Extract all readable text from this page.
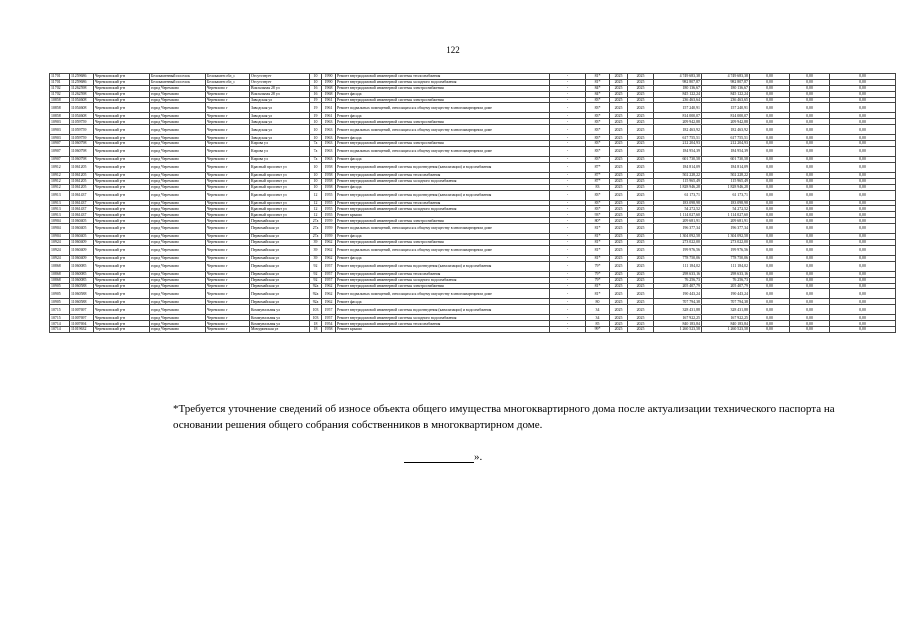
122
11701	11259686	Черемховский р-н	Белокаменный поселок	Белокамен обл_с	Отсутствует	10	1990	Ремонт внутридомовой инженерной системы теплоснабжения	-	81*	2025	2025	4 749 683,38	4 749 683,38	0,00	0,00	0,00
11701	11259686	Черемховский р-н	Белокаменный поселок	Белокамен обл_с	Отсутствует	10	1990	Ремонт внутридомовой инженерной системы холодного водоснабжения	-	81*	2025	2025	982 807,87	982 807,87	0,00	0,00	0,00
11702	11262598	Черемховский р-н	город Черемхово	Черемхово г	Вокзальная 28 ул	16	1968	Ремонт внутридомовой инженерной системы электроснабжения	-	84*	2025	2025	180 136,67	180 136,67	0,00	0,00	0,00
11702	11262598	Черемховский р-н	город Черемхово	Черемхово г	Вокзальная 28 ул	16	1968	Ремонт фасада	-	84*	2025	2025	845 122,24	845 122,24	0,00	0,00	0,00
10858	11054608	Черемховский р-н	город Черемхово	Черемхово г	Заводская ул	19	1961	Ремонт внутридомовой инженерной системы электроснабжения	-	83*	2025	2025	236 463,64	236 463,65	0,00	0,00	0,00
10858	11054608	Черемховский р-н	город Черемхово	Черемхово г	Заводская ул	19	1961	Ремонт подвальных помещений, относящихся к общему имуществу в многоквартирном доме	-	83*	2025	2025	157 240,91	157 240,91	0,00	0,00	0,00
10858	11054608	Черемховский р-н	город Черемхово	Черемхово г	Заводская ул	19	1961	Ремонт фасада	-	83*	2025	2025	814 000,07	814 000,07	0,00	0,00	0,00
10903	11059759	Черемховский р-н	город Черемхово	Черемхово г	Заводская ул	10	1963	Ремонт внутридомовой инженерной системы электроснабжения	-	83*	2025	2025	209 942,88	209 942,88	0,00	0,00	0,00
10903	11059759	Черемховский р-н	город Черемхово	Черемхово г	Заводская ул	10	1963	Ремонт подвальных помещений, относящихся к общему имуществу в многоквартирном доме	-	83*	2025	2025	182 463,92	182 463,92	0,00	0,00	0,00
10903	11059759	Черемховский р-н	город Черемхово	Черемхово г	Заводская ул	10	1963	Ремонт фасада	-	83*	2025	2025	617 755,51	617 755,51	0,00	0,00	0,00
10907	11060798	Черемховский р-н	город Черемхово	Черемхово г	Кирова ул	7а	1963	Ремонт внутридомовой инженерной системы электроснабжения	-	83*	2025	2025	212 204,93	212 204,93	0,00	0,00	0,00
10907	11060798	Черемховский р-н	город Черемхово	Черемхово г	Кирова ул	7а	1963	Ремонт подвальных помещений, относящихся к общему имуществу в многоквартирном доме	-	83*	2025	2025	184 954,39	184 954,39	0,00	0,00	0,00
10907	11060798	Черемховский р-н	город Черемхово	Черемхово г	Кирова ул	7а	1963	Ремонт фасада	-	83*	2025	2025	601 730,58	601 730,58	0,00	0,00	0,00
10912	11061205	Черемховский р-н	город Черемхово	Черемхово г	Красный проспект ул	10	1958	Ремонт внутридомовой инженерной системы водоотведения (канализации) и водоснабжения	-	87*	2025	2025	184 814,09	184 814,09	0,00	0,00	0,00
10912	11061205	Черемховский р-н	город Черемхово	Черемхово г	Красный проспект ул	10	1958	Ремонт внутридомовой инженерной системы теплоснабжения	-	87*	2025	2025	502 228,22	502 228,22	0,00	0,00	0,00
10912	11061205	Черемховский р-н	город Черемхово	Черемхово г	Красный проспект ул	10	1958	Ремонт внутридомовой инженерной системы холодного водоснабжения	-	87*	2025	2025	115 965,49	115 965,49	0,00	0,00	0,00
10912	11061205	Черемховский р-н	город Черемхово	Черемхово г	Красный проспект ул	10	1958	Ремонт фасада	-	83	2025	2025	1 828 946,28	1 828 946,28	0,00	0,00	0,00
10913	11061437	Черемховский р-н	город Черемхово	Черемхово г	Красный проспект ул	12	1955	Ремонт внутридомовой инженерной системы водоотведения (канализации) и водоснабжения	-	83*	2025	2025	61 173,71	61 173,71	0,00	0,00	0,00
10913	11061437	Черемховский р-н	город Черемхово	Черемхово г	Красный проспект ул	12	1955	Ремонт внутридомовой инженерной системы теплоснабжения	-	83*	2025	2025	183 098,98	183 098,98	0,00	0,00	0,00
10913	11061437	Черемховский р-н	город Черемхово	Черемхово г	Красный проспект ул	12	1955	Ремонт внутридомовой инженерной системы холодного водоснабжения	-	83*	2025	2025	54 272,52	54 272,52	0,00	0,00	0,00
10913	11061437	Черемховский р-н	город Черемхово	Черемхово г	Красный проспект ул	12	1955	Ремонт крыши	-	93*	2025	2025	1 114 027,60	1 114 027,60	0,00	0,00	0,00
10904	11060405	Черемховский р-н	город Черемхово	Черемхово г	Первомайская ул	27а	1959	Ремонт внутридомовой инженерной системы электроснабжения	-	80*	2025	2025	209 681,91	209 681,91	0,00	0,00	0,00
10904	11060405	Черемховский р-н	город Черемхово	Черемхово г	Первомайская ул	27а	1959	Ремонт подвальных помещений, относящихся к общему имуществу в многоквартирном доме	-	81*	2025	2025	196 377,34	196 377,34	0,00	0,00	0,00
10904	11060405	Черемховский р-н	город Черемхово	Черемхово г	Первомайская ул	27а	1959	Ремонт фасада	-	81*	2025	2025	1 304 092,58	1 304 092,58	0,00	0,00	0,00
10924	11060409	Черемховский р-н	город Черемхово	Черемхово г	Первомайская ул	39	1962	Ремонт внутридомовой инженерной системы электроснабжения	-	81*	2025	2025	273 022,00	273 022,00	0,00	0,00	0,00
10924	11060409	Черемховский р-н	город Черемхово	Черемхово г	Первомайская ул	39	1962	Ремонт подвальных помещений, относящихся к общему имуществу в многоквартирном доме	-	81*	2025	2025	199 976,56	199 976,56	0,00	0,00	0,00
10924	11060409	Черемховский р-н	город Черемхово	Черемхово г	Первомайская ул	39	1962	Ремонт фасада	-	81*	2025	2025	778 750,06	778 750,06	0,00	0,00	0,00
10868	11060085	Черемховский р-н	город Черемхово	Черемхово г	Первомайская ул	92	1957	Ремонт внутридомовой инженерной системы водоотведения (канализации) и водоснабжения	-	79*	2025	2025	111 184,02	111 184,02	0,00	0,00	0,00
10868	11060085	Черемховский р-н	город Черемхово	Черемхово г	Первомайская ул	92	1957	Ремонт внутридомовой инженерной системы теплоснабжения	-	79*	2025	2025	298 633,16	298 633,16	0,00	0,00	0,00
10868	11060085	Черемховский р-н	город Черемхово	Черемхово г	Первомайская ул	92	1957	Ремонт внутридомовой инженерной системы холодного водоснабжения	-	79*	2025	2025	76 256,73	76 256,73	0,00	0,00	0,00
10905	11060588	Черемховский р-н	город Черемхово	Черемхово г	Первомайская ул	92а	1962	Ремонт внутридомовой инженерной системы электроснабжения	-	81*	2025	2025	205 407,79	205 407,79	0,00	0,00	0,00
10905	11060588	Черемховский р-н	город Черемхово	Черемхово г	Первомайская ул	92а	1962	Ремонт подвальных помещений, относящихся к общему имуществу в многоквартирном доме	-	81*	2025	2025	190 443,24	190 443,24	0,00	0,00	0,00
10905	11060588	Черемховский р-н	город Черемхово	Черемхово г	Первомайская ул	92а	1962	Ремонт фасада	-	80	2025	2025	707 794,38	707 794,38	0,00	0,00	0,00
10715	11007697	Черемховский р-н	город Черемхово	Черемхово г	Коммунальная ул	103	1957	Ремонт внутридомовой инженерной системы водоотведения (канализации) и водоснабжения	-	34	2025	2025	328 431,88	328 431,88	0,00	0,00	0,00
10715	11007697	Черемховский р-н	город Черемхово	Черемхово г	Коммунальная ул	103	1957	Ремонт внутридомовой инженерной системы холодного водоснабжения	-	34	2025	2025	167 922,25	167 922,25	0,00	0,00	0,00
10714	11007694	Черемховский р-н	город Черемхово	Черемхово г	Коммунальная ул	18	1954	Ремонт внутридомовой инженерной системы теплоснабжения	-	85	2025	2025	840 183,84	840 183,84	0,00	0,00	0,00
10714	11019632	Черемховский р-н	город Черемхово	Черемхово г	Мичуринская ул	18	1958	Ремонт крыши	-	99*	2025	2025	1 260 523,58	1 260 523,58	0,00	0,00	0,00
*Требуется уточнение сведений об износе объекта общего имущества многоквартирного дома после актуализации технического паспорта на основании решения общего собрания собственников в многоквартирном доме.
».
